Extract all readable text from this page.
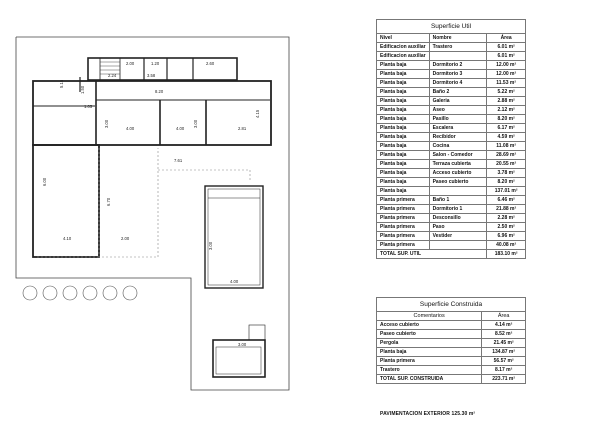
1.20	2.60
2.24	3.58
8.20
3.00
4.00	4.00
3.00
2.81
4.15
6.00
6.70
7.61
4.10	2.00
3.00
4.00
3.00
1.05
1.50
5.15
2.00
Superficie Util		
Nivel	Nombre	Área
Edificacion auxiliar	Trastero	6.01 m²
Edificacion auxiliar		6.01 m²
Planta baja	Dormitorio 2	12.00 m²
Planta baja	Dormitorio 3	12.00 m²
Planta baja	Dormitorio 4	11.53 m²
Planta baja	Baño 2	5.22 m²
Planta baja	Galeria	2.88 m²
Planta baja	Aseo	2.12 m²
Planta baja	Pasillo	8.20 m²
Planta baja	Escalera	6.17 m²
Planta baja	Recibidor	4.59 m²
Planta baja	Cocina	11.08 m²
Planta baja	Salon - Comedor	28.69 m²
Planta baja	Terraza cubierta	20.55 m²
Planta baja	Acceso cubierto	3.78 m²
Planta baja	Paseo cubierto	8.20 m²
Planta baja		137.01 m²
Planta primera	Baño 1	6.46 m²
Planta primera	Dormitorio 1	21.88 m²
Planta primera	Desconsillo	2.28 m²
Planta primera	Paso	2.50 m²
Planta primera	Vestider	6.96 m²
Planta primera		40.08 m²
TOTAL SUP. UTIL		183.10 m²
Superficie Construida	
Comentarios	Área
Acceso cubierto	4.14 m²
Paseo cubierto	8.52 m²
Pergola	21.45 m²
Planta baja	134.87 m²
Planta primera	56.57 m²
Trastero	8.17 m²
TOTAL SUP. CONSTRUIDA	223.71 m²
PAVIMENTACION EXTERIOR 125.30 m²
